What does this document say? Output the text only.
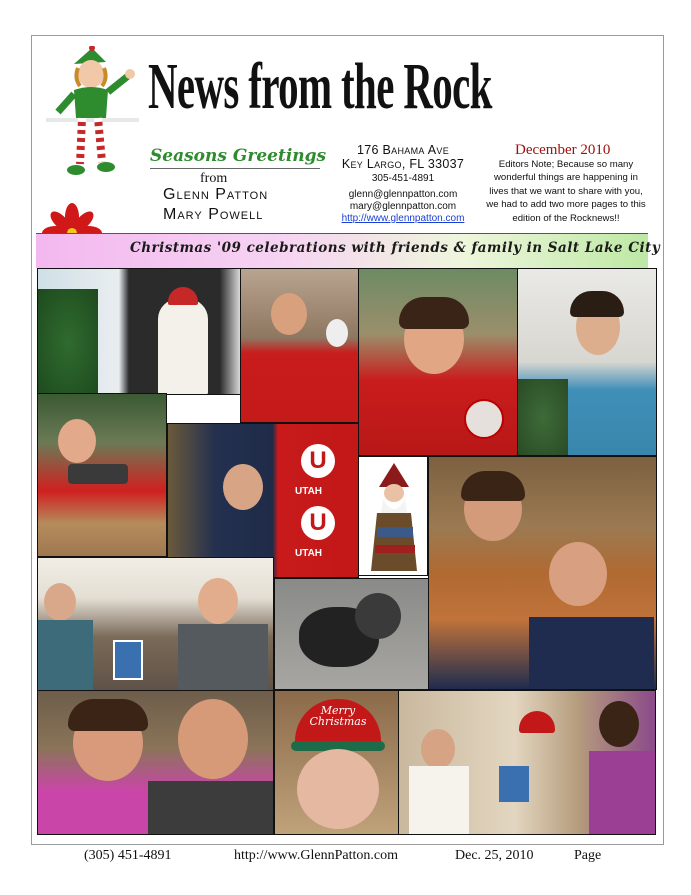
News from the Rock
Seasons Greetings
from
Glenn Patton
Mary Powell
176 Bahama Ave
Key Largo, FL 33037
305-451-4891
glenn@glennpatton.com
mary@glennpatton.com
http://www.glennpatton.com
December 2010
Editors Note; Because so many wonderful things are happening in lives that we want to share with you, we had to add two more pages to this edition of the Rocknews!!
Christmas '09 celebrations with friends & family in Salt Lake City
U
UTAH
U
UTAH
Merry
Christmas
(305) 451-4891	http://www.GlennPatton.com	Dec. 25, 2010	Page
